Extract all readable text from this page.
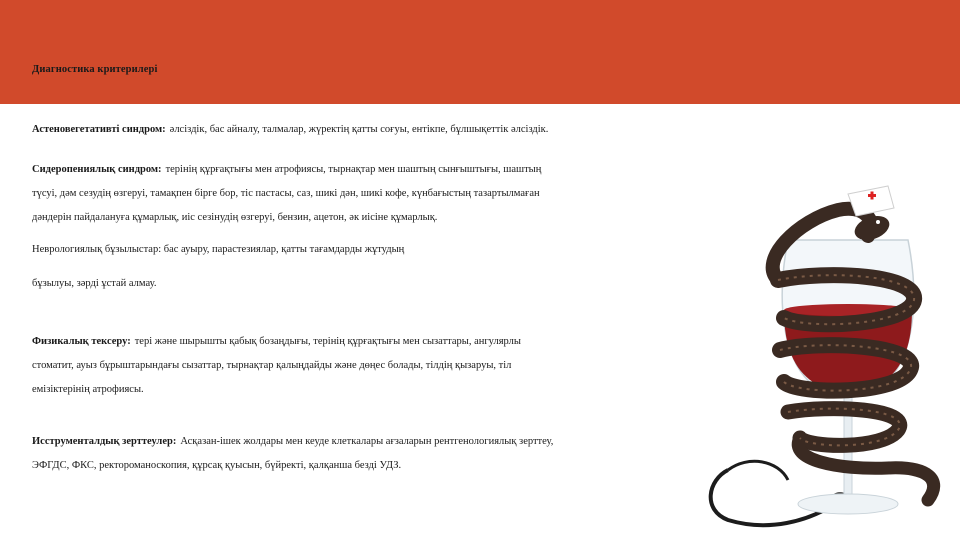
Диагностика критерилері
Астеновегетативті синдром: әлсіздік, бас айналу, талмалар, жүректің қатты соғуы, ентікпе, бұлшықеттік әлсіздік.
Сидеропениялық синдром: терінің құрғақтығы мен атрофиясы, тырнақтар мен шаштың сынғыштығы, шаштың
түсуі, дәм сезудің өзгеруі, тамақпен бірге бор, тіс пастасы, саз, шикі дән, шикі кофе, күнбағыстың тазартылмаған
дәндерін пайдалануға құмарлық, иіс сезінудің өзгеруі, бензин, ацетон, әк иісіне құмарлық.
Неврологиялық бұзылыстар: бас ауыру, парастезиялар, қатты тағамдарды жұтудың
бұзылуы, зәрді ұстай алмау.
Физикалық тексеру: тері және шырышты қабық бозаңдығы, терінің құрғақтығы мен сызаттары, ангулярлы
стоматит, ауыз бұрыштарындағы сызаттар, тырнақтар қалыңдайды және дөңес болады, тілдің қызаруы, тіл
емізіктерінің атрофиясы.
Исструменталдық зерттеулер: Асқазан-ішек жолдары мен кеуде клеткалары ағзаларын рентгенологиялық зерттеу,
ЭФГДС, ФКС, ректороманоскопия, құрсақ қуысын, бүйректі, қалқанша безді УДЗ.
